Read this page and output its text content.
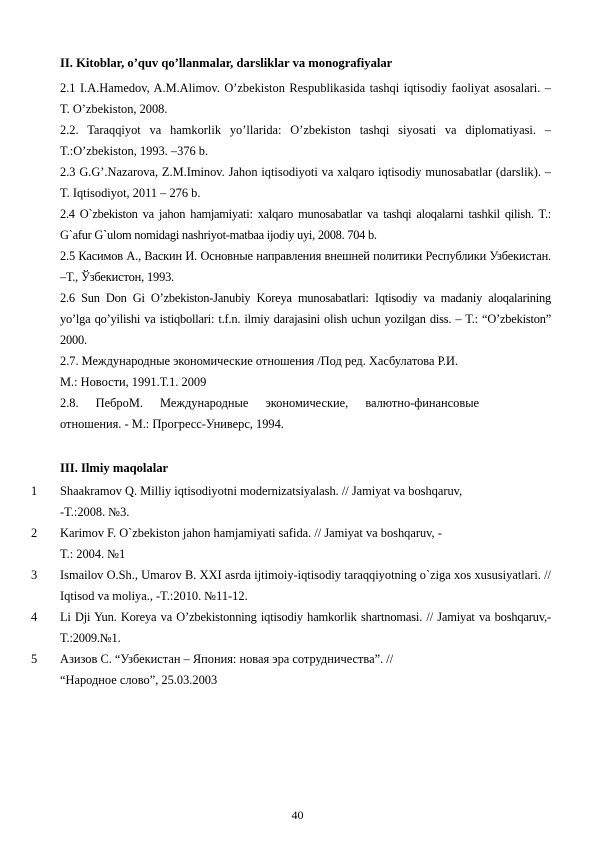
II. Kitoblar, o’quv qo’llanmalar, darsliklar va monografiyalar
2.1 I.A.Hamedov, A.M.Alimov. O’zbekiston Respublikasida tashqi iqtisodiy faoliyat asosalari. – T. O’zbekiston, 2008.
2.2. Taraqqiyot va hamkorlik yo’llarida: O’zbekiston tashqi siyosati va diplomatiyasi. – T.:O’zbekiston, 1993. –376 b.
2.3 G.G’.Nazarova, Z.M.Iminov. Jahon iqtisodiyoti va xalqaro iqtisodiy munosabatlar (darslik). – T. Iqtisodiyot, 2011 – 276 b.
2.4 O`zbekiston va jahon hamjamiyati: xalqaro munosabatlar va tashqi aloqalarni tashkil qilish. T.: G`afur G`ulom nomidagi nashriyot-matbaa ijodiy uyi, 2008. 704 b.
2.5 Касимов А., Васкин И. Основные направления внешней политики Республики Узбекистан. –Т., Ўзбекистон, 1993.
2.6 Sun Don Gi O’zbekiston-Janubiy Koreya munosabatlari: Iqtisodiy va madaniy aloqalarining yo’lga qo’yilishi va istiqbollari: t.f.n. ilmiy darajasini olish uchun yozilgan diss. – T.: “O’zbekiston” 2000.
2.7. Международные экономические отношения /Под ред. Хасбулатова Р.И.
М.: Новости, 1991.Т.1. 2009
2.8. ПеброМ. Международные экономические, валютно-финансовые
отношения. - М.: Прогресс-Универс, 1994.
III. Ilmiy maqolalar
1 Shaakramov Q. Milliy iqtisodiyotni modernizatsiyalash. // Jamiyat va boshqaruv,
-T.:2008. №3.
2 Karimov F. O`zbekiston jahon hamjamiyati safida. // Jamiyat va boshqaruv, -
T.: 2004. №1
3 Ismailov O.Sh., Umarov B. XXI asrda ijtimoiy-iqtisodiy taraqqiyotning o`ziga xos xususiyatlari. // Iqtisod va moliya., -T.:2010. №11-12.
4 Li Dji Yun. Koreya va O’zbekistonning iqtisodiy hamkorlik shartnomasi. // Jamiyat va boshqaruv,-T.:2009.№1.
5 Азизов С. “Узбекистан – Япония: новая эра сотрудничества”. //
“Народное слово”, 25.03.2003
40
